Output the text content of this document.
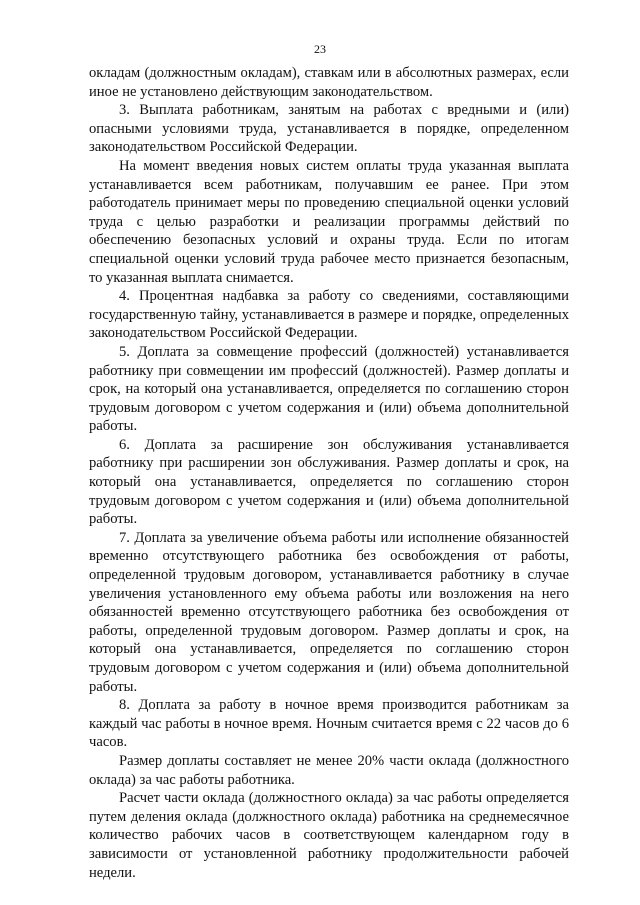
23

окладам (должностным окладам), ставкам или в абсолютных размерах, если иное не установлено действующим законодательством.

3. Выплата работникам, занятым на работах с вредными и (или) опасными условиями труда, устанавливается в порядке, определенном законодательством Российской Федерации.

На момент введения новых систем оплаты труда указанная выплата устанавливается всем работникам, получавшим ее ранее. При этом работодатель принимает меры по проведению специальной оценки условий труда с целью разработки и реализации программы действий по обеспечению безопасных условий и охраны труда. Если по итогам специальной оценки условий труда рабочее место признается безопасным, то указанная выплата снимается.

4. Процентная надбавка за работу со сведениями, составляющими государственную тайну, устанавливается в размере и порядке, определенных законодательством Российской Федерации.

5. Доплата за совмещение профессий (должностей) устанавливается работнику при совмещении им профессий (должностей). Размер доплаты и срок, на который она устанавливается, определяется по соглашению сторон трудовым договором с учетом содержания и (или) объема дополнительной работы.

6. Доплата за расширение зон обслуживания устанавливается работнику при расширении зон обслуживания. Размер доплаты и срок, на который она устанавливается, определяется по соглашению сторон трудовым договором с учетом содержания и (или) объема дополнительной работы.

7. Доплата за увеличение объема работы или исполнение обязанностей временно отсутствующего работника без освобождения от работы, определенной трудовым договором, устанавливается работнику в случае увеличения установленного ему объема работы или возложения на него обязанностей временно отсутствующего работника без освобождения от работы, определенной трудовым договором. Размер доплаты и срок, на который она устанавливается, определяется по соглашению сторон трудовым договором с учетом содержания и (или) объема дополнительной работы.

8. Доплата за работу в ночное время производится работникам за каждый час работы в ночное время. Ночным считается время с 22 часов до 6 часов.

Размер доплаты составляет не менее 20% части оклада (должностного оклада) за час работы работника.

Расчет части оклада (должностного оклада) за час работы определяется путем деления оклада (должностного оклада) работника на среднемесячное количество рабочих часов в соответствующем календарном году в зависимости от установленной работнику продолжительности рабочей недели.
